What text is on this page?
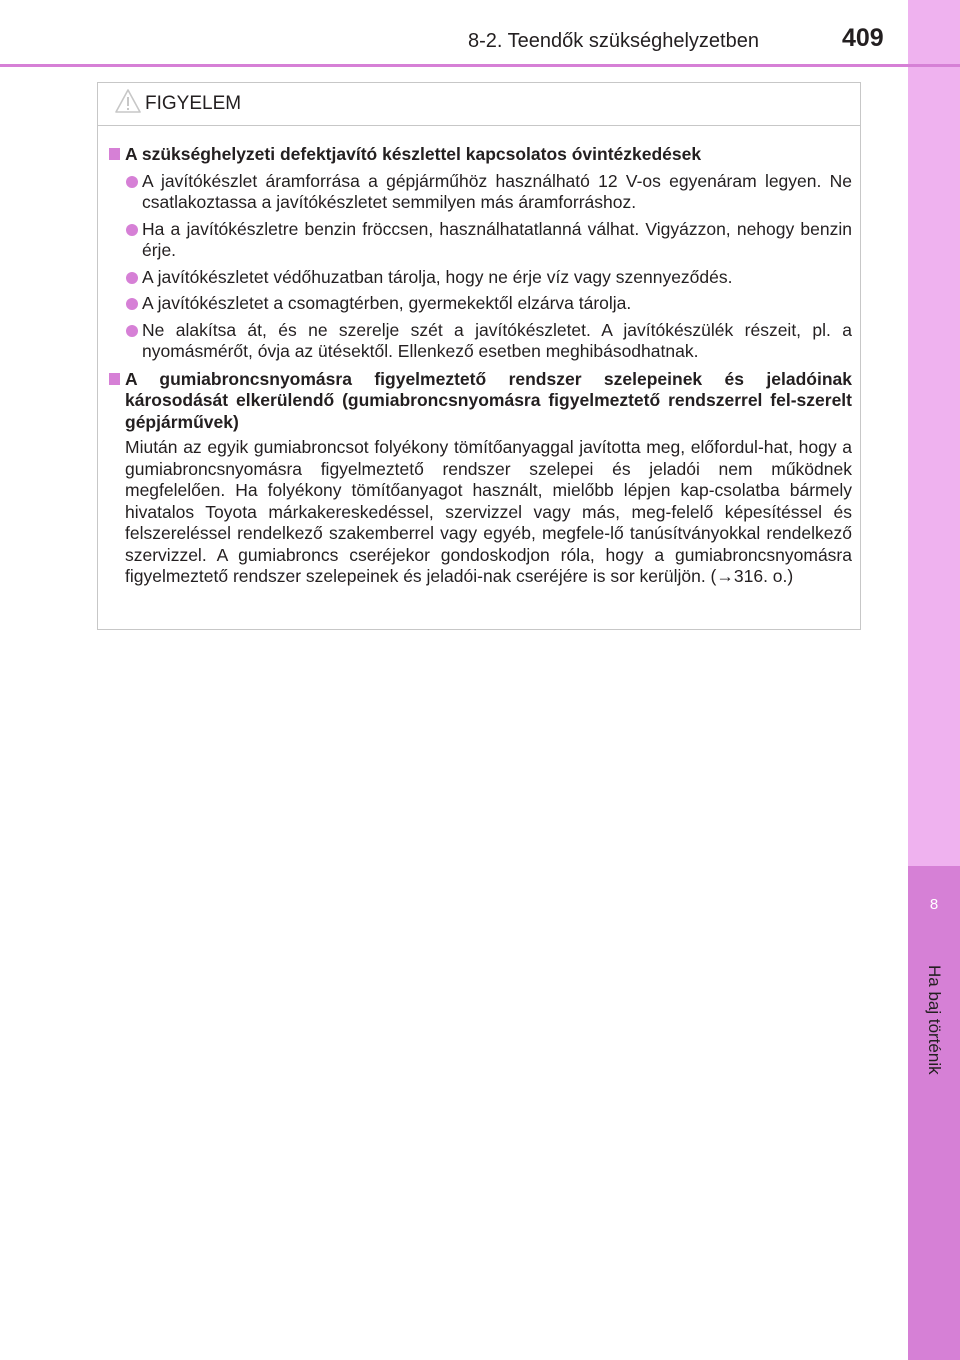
8
Ha baj történik
8-2. Teendők szükséghelyzetben	409
FIGYELEM
A szükséghelyzeti defektjavító készlettel kapcsolatos óvintézkedések
A javítókészlet áramforrása a gépjárműhöz használható 12 V-os egyenáram legyen. Ne csatlakoztassa a javítókészletet semmilyen más áramforráshoz.
Ha a javítókészletre benzin fröccsen, használhatatlanná válhat. Vigyázzon, nehogy benzin érje.
A javítókészletet védőhuzatban tárolja, hogy ne érje víz vagy szennyeződés.
A javítókészletet a csomagtérben, gyermekektől elzárva tárolja.
Ne alakítsa át, és ne szerelje szét a javítókészletet. A javítókészülék részeit, pl. a nyomásmérőt, óvja az ütésektől. Ellenkező esetben meghibásodhatnak.
A gumiabroncsnyomásra figyelmeztető rendszer szelepeinek és jeladóinak károsodását elkerülendő (gumiabroncsnyomásra figyelmeztető rendszerrel fel-szerelt gépjárművek)
Miután az egyik gumiabroncsot folyékony tömítőanyaggal javította meg, előfordul-hat, hogy a gumiabroncsnyomásra figyelmeztető rendszer szelepei és jeladói nem működnek megfelelően. Ha folyékony tömítőanyagot használt, mielőbb lépjen kap-csolatba bármely hivatalos Toyota márkakereskedéssel, szervizzel vagy más, meg-felelő képesítéssel és felszereléssel rendelkező szakemberrel vagy egyéb, megfele-lő tanúsítványokkal rendelkező szervizzel. A gumiabroncs cseréjekor gondoskodjon róla, hogy a gumiabroncsnyomásra figyelmeztető rendszer szelepeinek és jeladói-nak cseréjére is sor kerüljön. (→316. o.)
